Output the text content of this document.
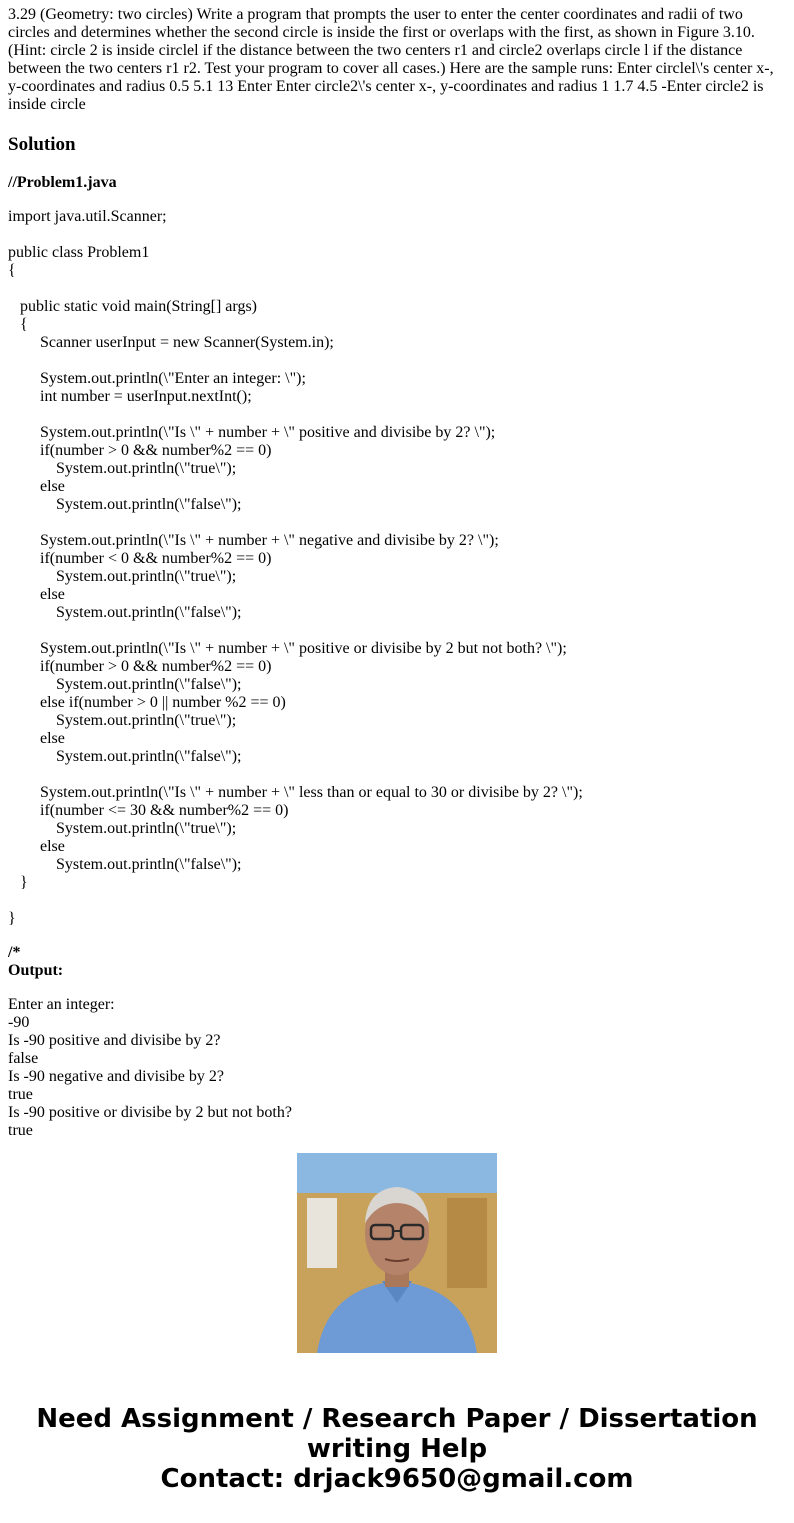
3.29 (Geometry: two circles) Write a program that prompts the user to enter the center coordinates and radii of two circles and determines whether the second circle is inside the first or overlaps with the first, as shown in Figure 3.10. (Hint: circle 2 is inside circlel if the distance between the two centers r1 and circle2 overlaps circle l if the distance between the two centers r1 r2. Test your program to cover all cases.) Here are the sample runs: Enter circlel\'s center x-, y-coordinates and radius 0.5 5.1 13 Enter Enter circle2\'s center x-, y-coordinates and radius 1 1.7 4.5 -Enter circle2 is inside circle

Solution
//Problem1.java
import java.util.Scanner;
public class Problem1
{
public static void main(String[] args)
{
Scanner userInput = new Scanner(System.in);
System.out.println(\"Enter an integer: \");
int number = userInput.nextInt();
System.out.println(\"Is \" + number + \" positive and divisibe by 2? \");
if(number > 0 && number%2 == 0)
System.out.println(\"true\");
else
System.out.println(\"false\");
System.out.println(\"Is \" + number + \" negative and divisibe by 2? \");
if(number < 0 && number%2 == 0)
System.out.println(\"true\");
else
System.out.println(\"false\");
System.out.println(\"Is \" + number + \" positive or divisibe by 2 but not both? \");
if(number > 0 && number%2 == 0)
System.out.println(\"false\");
else if(number > 0 || number %2 == 0)
System.out.println(\"true\");
else
System.out.println(\"false\");
System.out.println(\"Is \" + number + \" less than or equal to 30 or divisibe by 2? \");
if(number <= 30 && number%2 == 0)
System.out.println(\"true\");
else
System.out.println(\"false\");
}
}
/*
Output:
Enter an integer:
-90
Is -90 positive and divisibe by 2?
false
Is -90 negative and divisibe by 2?
true
Is -90 positive or divisibe by 2 but not both?
true
Need Assignment / Research Paper / Dissertation
writing Help
Contact: drjack9650@gmail.com
